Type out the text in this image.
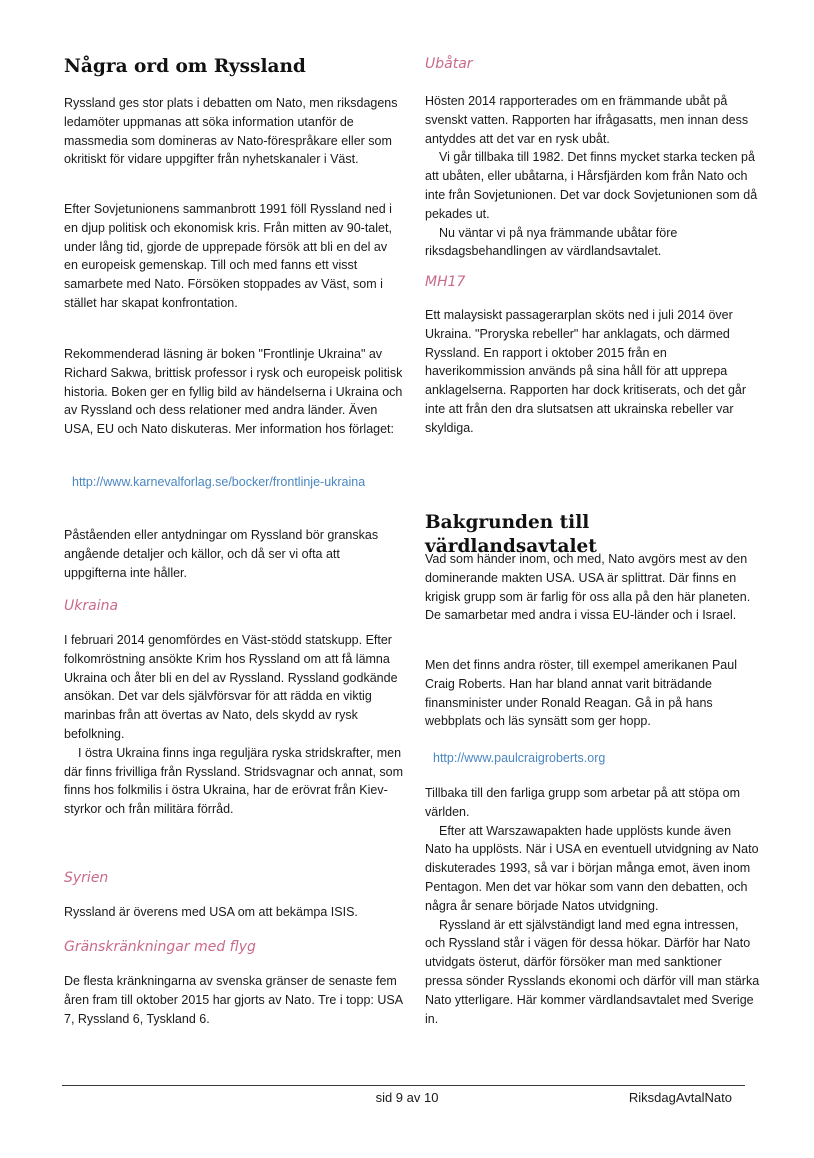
Några ord om Ryssland

Ryssland ges stor plats i debatten om Nato, men riksdagens ledamöter uppmanas att söka information utanför de massmedia som domineras av Nato-förespråkare eller som okritiskt för vidare uppgifter från nyhetskanaler i Väst.

Efter Sovjetunionens sammanbrott 1991 föll Ryssland ned i en djup politisk och ekonomisk kris. Från mitten av 90-talet, under lång tid, gjorde de upprepade försök att bli en del av en europeisk gemenskap. Till och med fanns ett visst samarbete med Nato. Försöken stoppades av Väst, som i stället har skapat konfrontation.

Rekommenderad läsning är boken "Frontlinje Ukraina" av Richard Sakwa, brittisk professor i rysk och europeisk politisk historia. Boken ger en fyllig bild av händelserna i Ukraina och av Ryssland och dess relationer med andra länder. Även USA, EU och Nato diskuteras. Mer information hos förlaget:

http://www.karnevalforlag.se/bocker/frontlinje-ukraina

Påståenden eller antydningar om Ryssland bör granskas angående detaljer och källor, och då ser vi ofta att uppgifterna inte håller.

Ukraina

I februari 2014 genomfördes en Väst-stödd statskupp. Efter folkomröstning ansökte Krim hos Ryssland om att få lämna Ukraina och åter bli en del av Ryssland. Ryssland godkände ansökan. Det var dels självförsvar för att rädda en viktig marinbas från att övertas av Nato, dels skydd av rysk befolkning.

I östra Ukraina finns inga reguljära ryska stridskrafter, men där finns frivilliga från Ryssland. Stridsvagnar och annat, som finns hos folkmilis i östra Ukraina, har de erövrat från Kiev-styrkor och från militära förråd.

Syrien

Ryssland är överens med USA om att bekämpa ISIS.

Gränskränkningar med flyg

De flesta kränkningarna av svenska gränser de senaste fem åren fram till oktober 2015 har gjorts av Nato. Tre i topp: USA 7, Ryssland 6, Tyskland 6.

Ubåtar

Hösten 2014 rapporterades om en främmande ubåt på svenskt vatten. Rapporten har ifrågasatts, men innan dess antyddes att det var en rysk ubåt.

Vi går tillbaka till 1982. Det finns mycket starka tecken på att ubåten, eller ubåtarna, i Hårsfjärden kom från Nato och inte från Sovjetunionen. Det var dock Sovjetunionen som då pekades ut.

Nu väntar vi på nya främmande ubåtar före riksdagsbehandlingen av värdlandsavtalet.

MH17

Ett malaysiskt passagerarplan sköts ned i juli 2014 över Ukraina. "Proryska rebeller" har anklagats, och därmed Ryssland. En rapport i oktober 2015 från en haverikommission används på sina håll för att upprepa anklagelserna. Rapporten har dock kritiserats, och det går inte att från den dra slutsatsen att ukrainska rebeller var skyldiga.

Bakgrunden till värdlandsavtalet

Vad som händer inom, och med, Nato avgörs mest av den dominerande makten USA. USA är splittrat. Där finns en krigisk grupp som är farlig för oss alla på den här planeten. De samarbetar med andra i vissa EU-länder och i Israel.

Men det finns andra röster, till exempel amerikanen Paul Craig Roberts. Han har bland annat varit biträdande finansminister under Ronald Reagan. Gå in på hans webbplats och läs synsätt som ger hopp.

http://www.paulcraigroberts.org

Tillbaka till den farliga grupp som arbetar på att stöpa om världen.

Efter att Warszawapakten hade upplösts kunde även Nato ha upplösts. När i USA en eventuell utvidgning av Nato diskuterades 1993, så var i början många emot, även inom Pentagon. Men det var hökar som vann den debatten, och några år senare började Natos utvidgning.

Ryssland är ett självständigt land med egna intressen, och Ryssland står i vägen för dessa hökar. Därför har Nato utvidgats österut, därför försöker man med sanktioner pressa sönder Rysslands ekonomi och därför vill man stärka Nato ytterligare. Här kommer värdlandsavtalet med Sverige in.

sid 9 av 10	RiksdagAvtalNato
